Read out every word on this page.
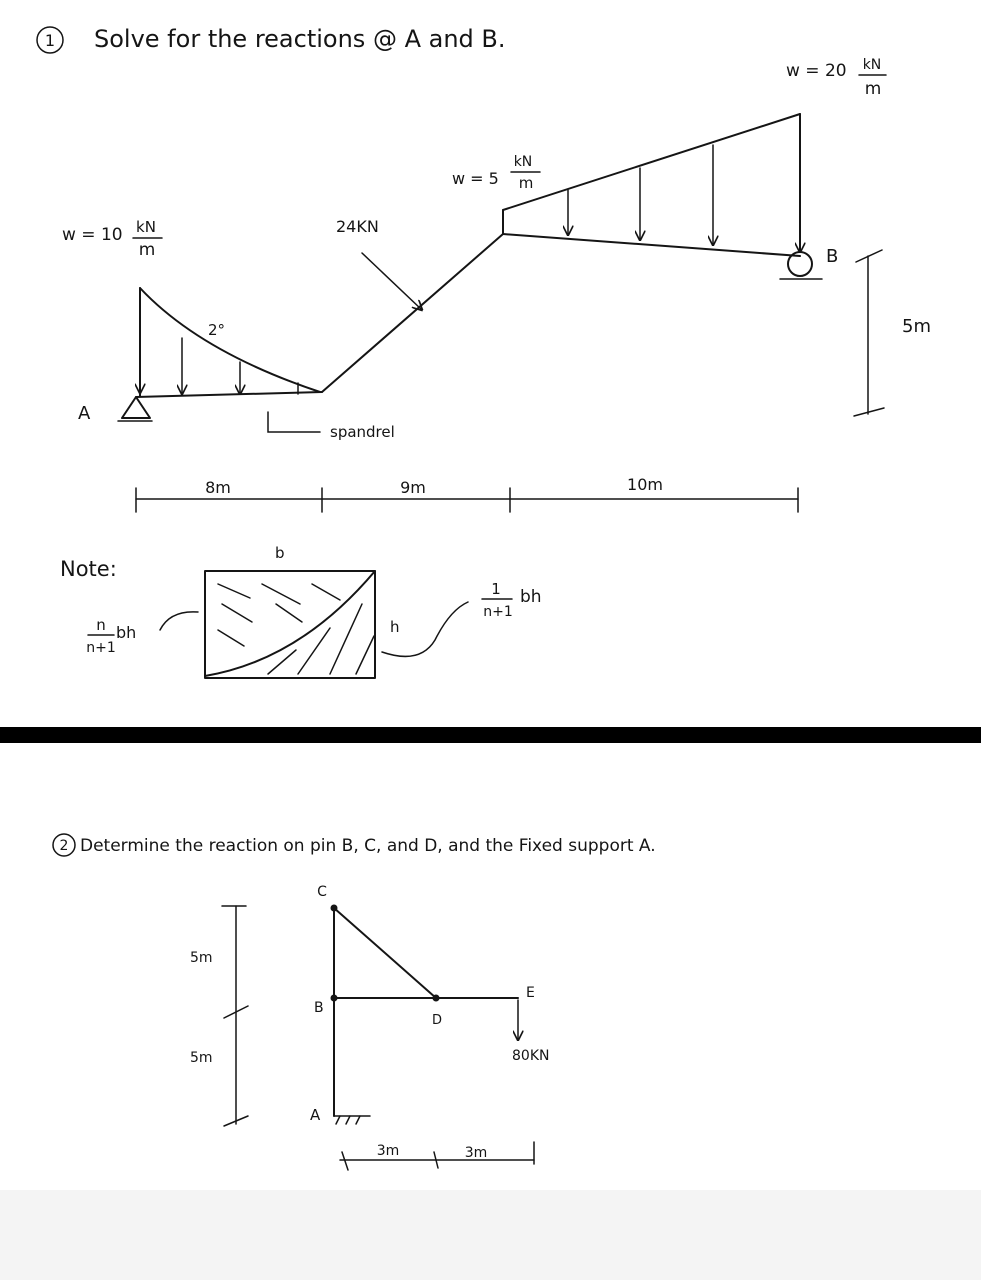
1 Solve for the reactions @ A and B.
w = 10 kN
m
2°
24KN
w = 5
kN
m
w = 20 kN
m
A
B
5m
spandrel
8m	9m	10m
Note:
n
n+1
bh
b
h
1
n+1
bh
2 Determine the reaction on pin B, C, and D, and the Fixed support A.
C
B
D
E
A
80KN
5m
5m
3m	3m
